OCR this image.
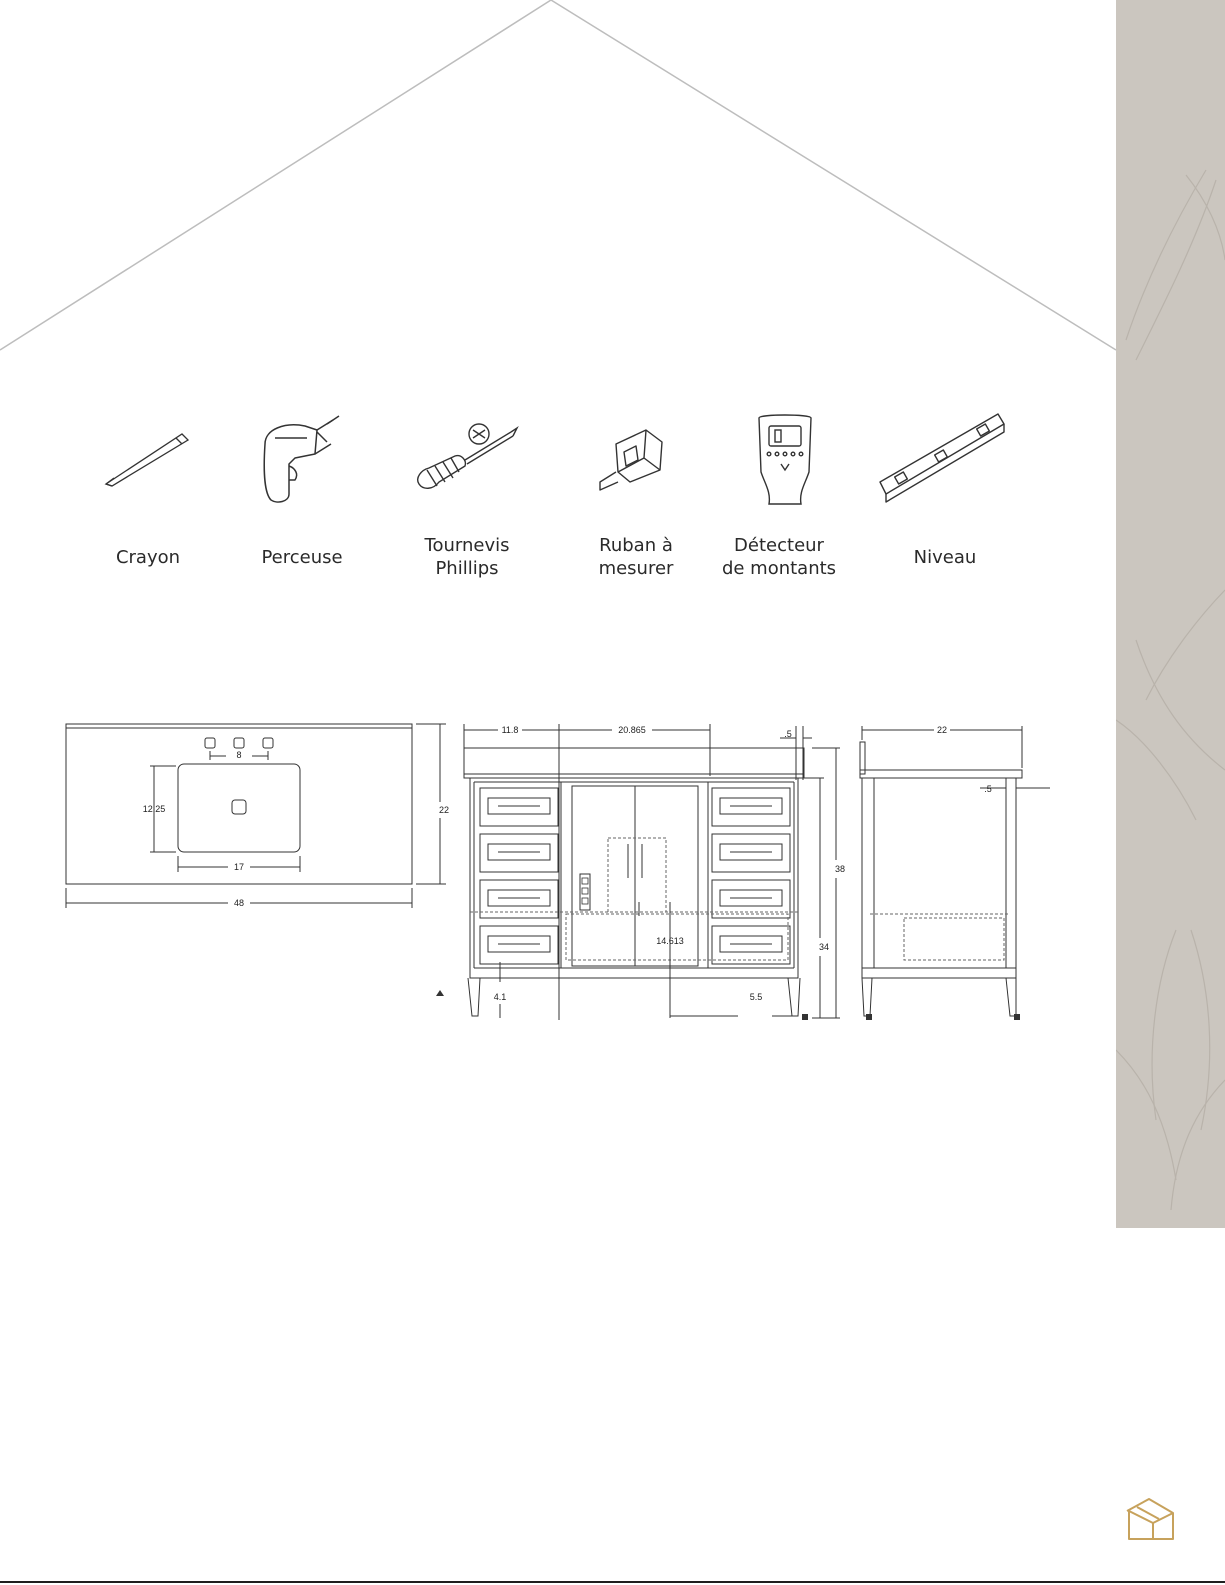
Crayon	Perceuse
Tournevis
Phillips
Ruban à
mesurer
Détecteur
de montants
Niveau
8
12.25
17
22
48
11.8	20.865	.5
38
34
14.613
4.1	5.5
22
.5
